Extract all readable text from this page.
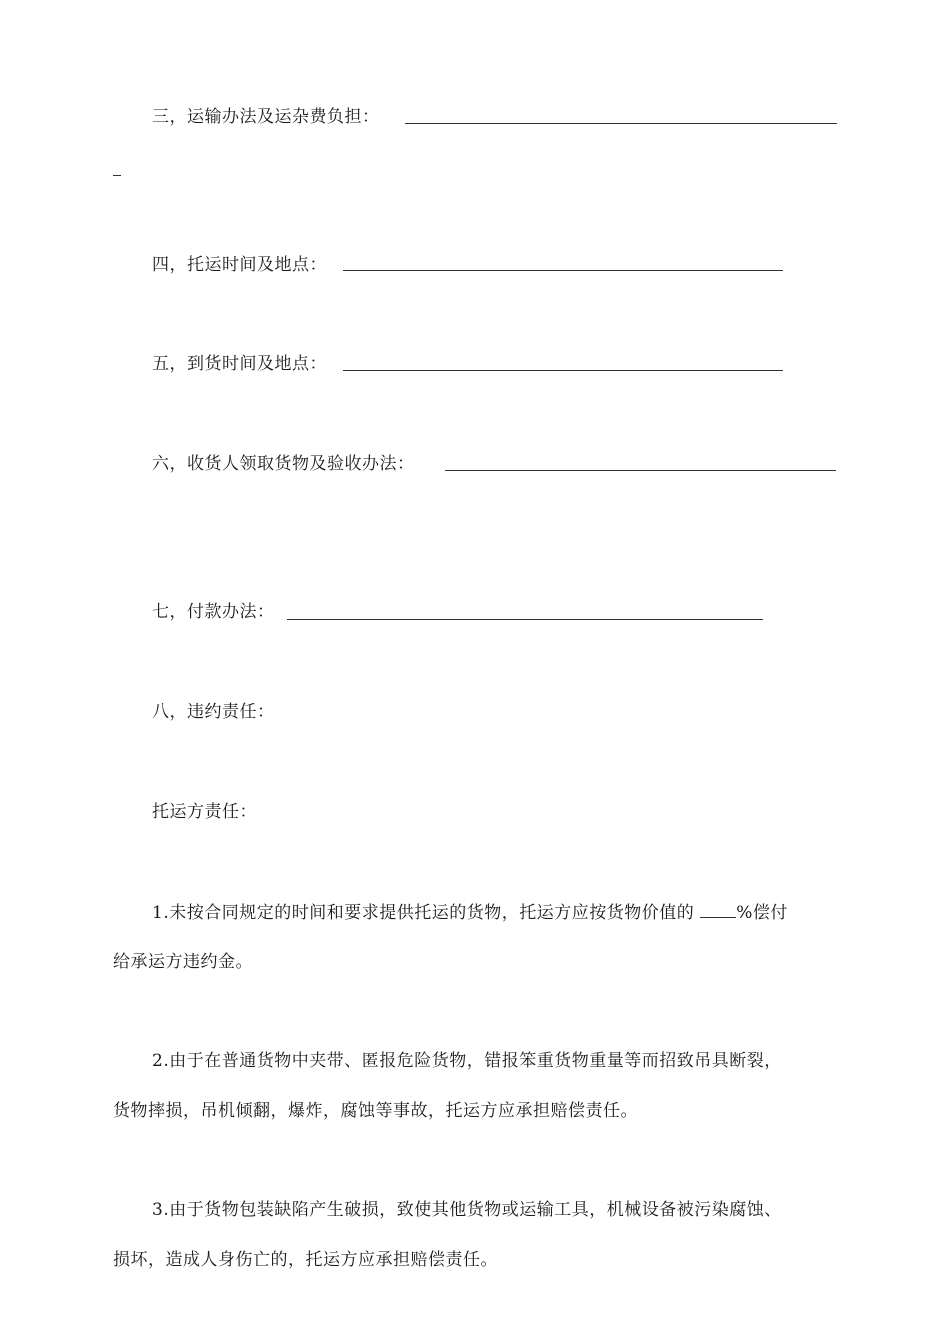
三，运输办法及运杂费负担：
四，托运时间及地点：
五，到货时间及地点：
六，收货人领取货物及验收办法：
七，付款办法：
八，违约责任：
托运方责任：
1.未按合同规定的时间和要求提供托运的货物，托运方应按货物价值的 %偿付
给承运方违约金。
2.由于在普通货物中夹带、匿报危险货物，错报笨重货物重量等而招致吊具断裂，
货物摔损，吊机倾翻，爆炸，腐蚀等事故，托运方应承担赔偿责任。
3.由于货物包装缺陷产生破损，致使其他货物或运输工具，机械设备被污染腐蚀、
损坏，造成人身伤亡的，托运方应承担赔偿责任。
